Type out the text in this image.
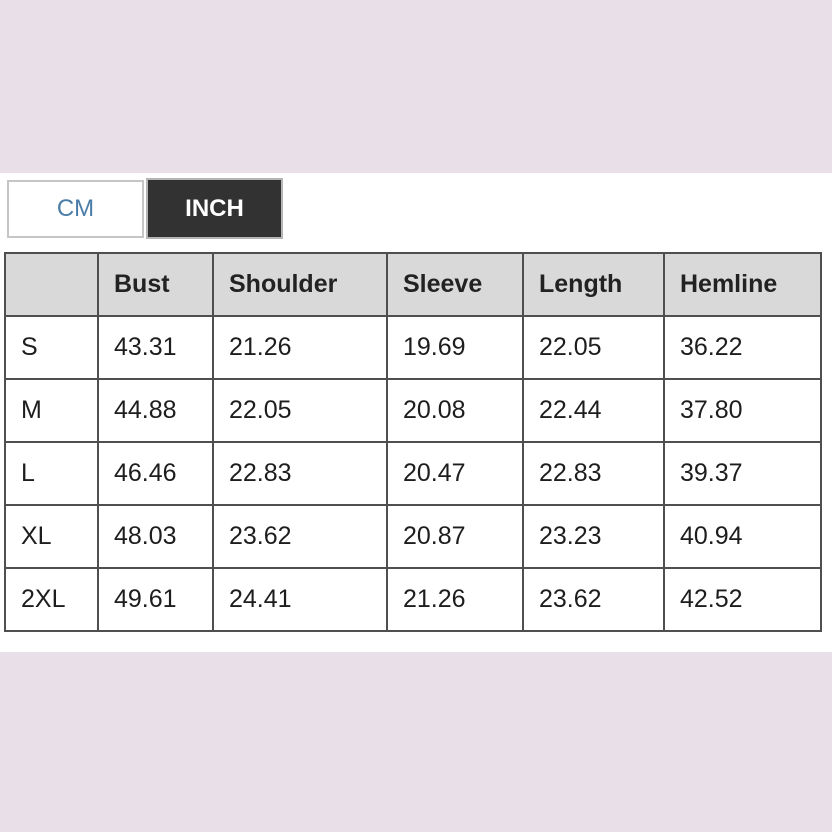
CM	INCH
	Bust	Shoulder	Sleeve	Length	Hemline
S	43.31	21.26	19.69	22.05	36.22
M	44.88	22.05	20.08	22.44	37.80
L	46.46	22.83	20.47	22.83	39.37
XL	48.03	23.62	20.87	23.23	40.94
2XL	49.61	24.41	21.26	23.62	42.52
